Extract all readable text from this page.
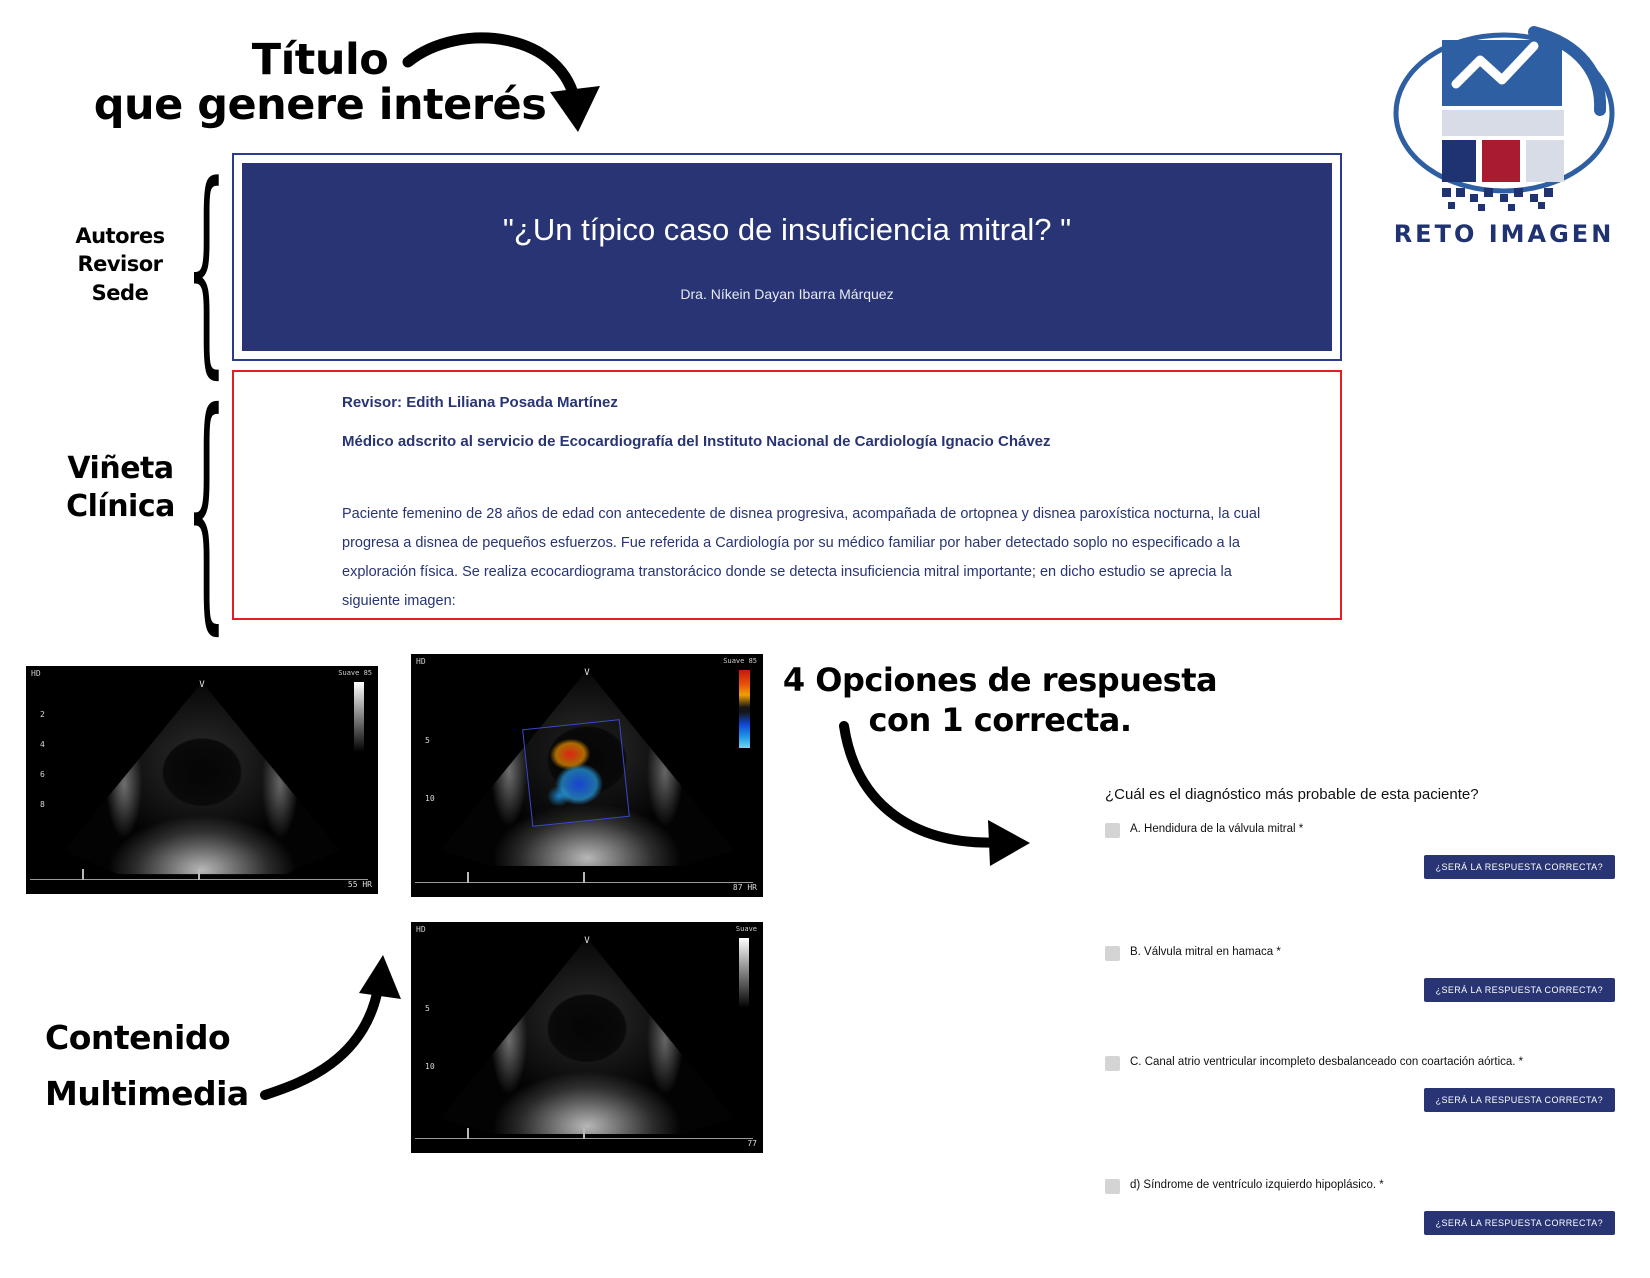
Título
que genere interés
Autores
Revisor
Sede
Viñeta
Clínica
4 Opciones de respuesta
con 1 correcta.
Contenido
Multimedia
{
{
RETO IMAGEN
"¿Un típico caso de insuficiencia mitral? "
Dra. Níkein Dayan Ibarra Márquez

Revisor: Edith Liliana Posada Martínez

Médico adscrito al servicio de Ecocardiografía del Instituto Nacional de Cardiología Ignacio Chávez

Paciente femenino de 28 años de edad con antecedente de disnea progresiva, acompañada de ortopnea y disnea paroxística nocturna, la cual progresa a disnea de pequeños esfuerzos. Fue referida a Cardiología por su médico familiar por haber detectado soplo no especificado a la exploración física. Se realiza ecocardiograma transtorácico donde se detecta insuficiencia mitral importante; en dicho estudio se aprecia la siguiente imagen:

HD	Suave 85
V
2
4
6
8
55 HR
HD	Suave 85
V
5
10
87 HR
HD	Suave
V
5
10
77
¿Cuál es el diagnóstico más probable de esta paciente?
A. Hendidura de la válvula mitral *
¿SERÁ LA RESPUESTA CORRECTA?
B. Válvula mitral en hamaca *
¿SERÁ LA RESPUESTA CORRECTA?
C. Canal atrio ventricular incompleto desbalanceado con coartación aórtica. *
¿SERÁ LA RESPUESTA CORRECTA?
d) Síndrome de ventrículo izquierdo hipoplásico. *
¿SERÁ LA RESPUESTA CORRECTA?
